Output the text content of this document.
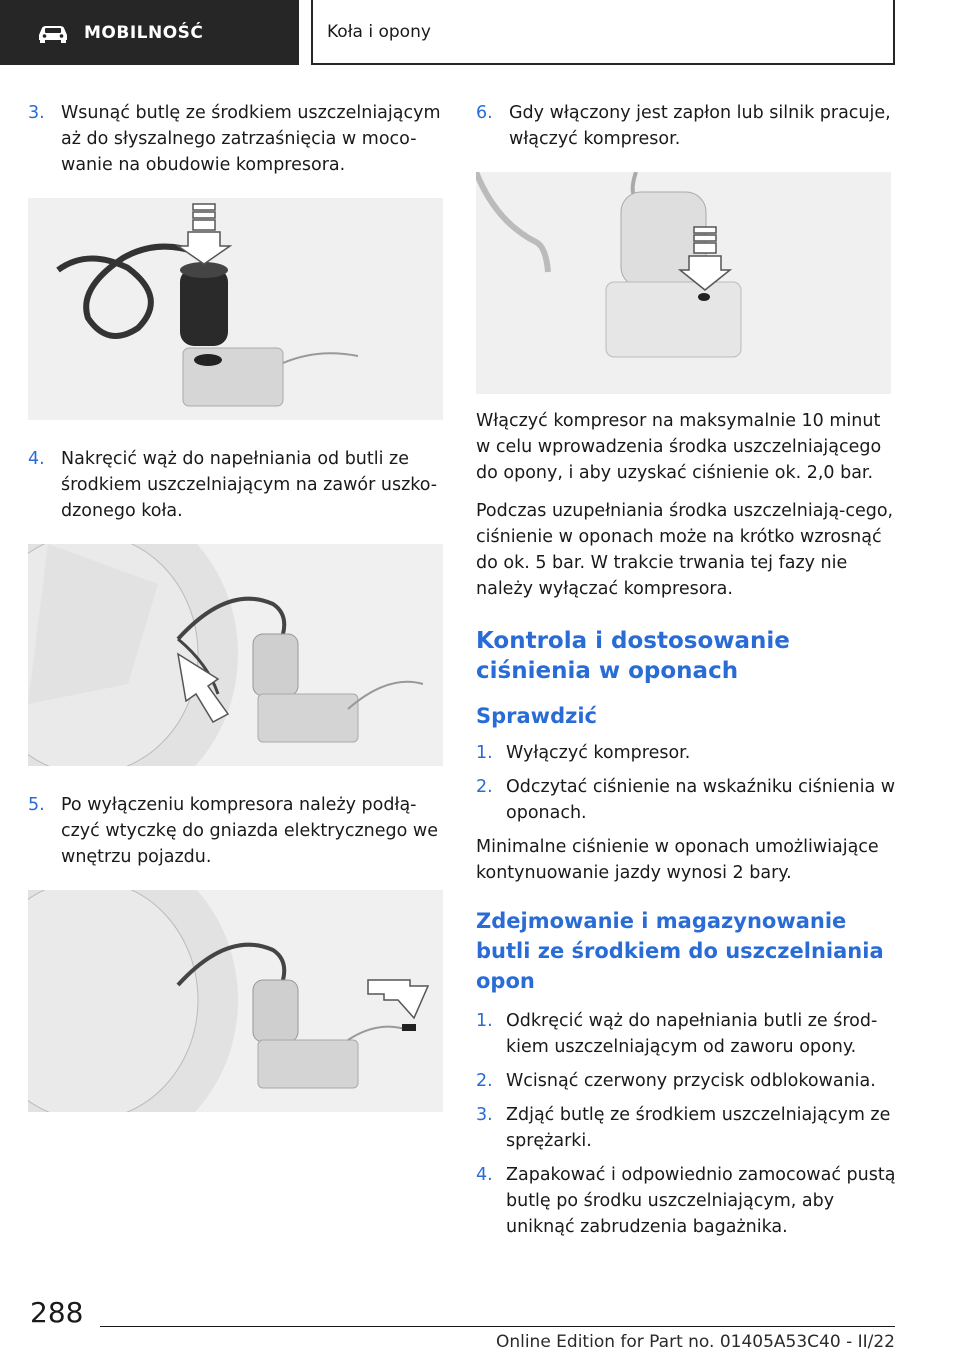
MOBILNOŚĆ	Koła i opony
3. Wsunąć butlę ze środkiem uszczelniającym aż do słyszalnego zatrzaśnięcia w moco-wanie na obudowie kompresora.
4. Nakręcić wąż do napełniania od butli ze środkiem uszczelniającym na zawór uszko-dzonego koła.
5. Po wyłączeniu kompresora należy podłą-czyć wtyczkę do gniazda elektrycznego we wnętrzu pojazdu.
6. Gdy włączony jest zapłon lub silnik pracuje, włączyć kompresor.

Włączyć kompresor na maksymalnie 10 minut w celu wprowadzenia środka uszczelniającego do opony, i aby uzyskać ciśnienie ok. 2,0 bar.

Podczas uzupełniania środka uszczelniają-cego, ciśnienie w oponach może na krótko wzrosnąć do ok. 5 bar. W trakcie trwania tej fazy nie należy wyłączać kompresora.

Kontrola i dostosowanie ciśnienia w oponach
Sprawdzić
1. Wyłączyć kompresor.
2. Odczytać ciśnienie na wskaźniku ciśnienia w oponach.

Minimalne ciśnienie w oponach umożliwiające kontynuowanie jazdy wynosi 2 bary.

Zdejmowanie i magazynowanie butli ze środkiem do uszczelniania opon
1. Odkręcić wąż do napełniania butli ze środ-kiem uszczelniającym od zaworu opony.
2. Wcisnąć czerwony przycisk odblokowania.
3. Zdjąć butlę ze środkiem uszczelniającym ze sprężarki.
4. Zapakować i odpowiednio zamocować pustą butlę po środku uszczelniającym, aby uniknąć zabrudzenia bagażnika.
288
Online Edition for Part no. 01405A53C40 - II/22
